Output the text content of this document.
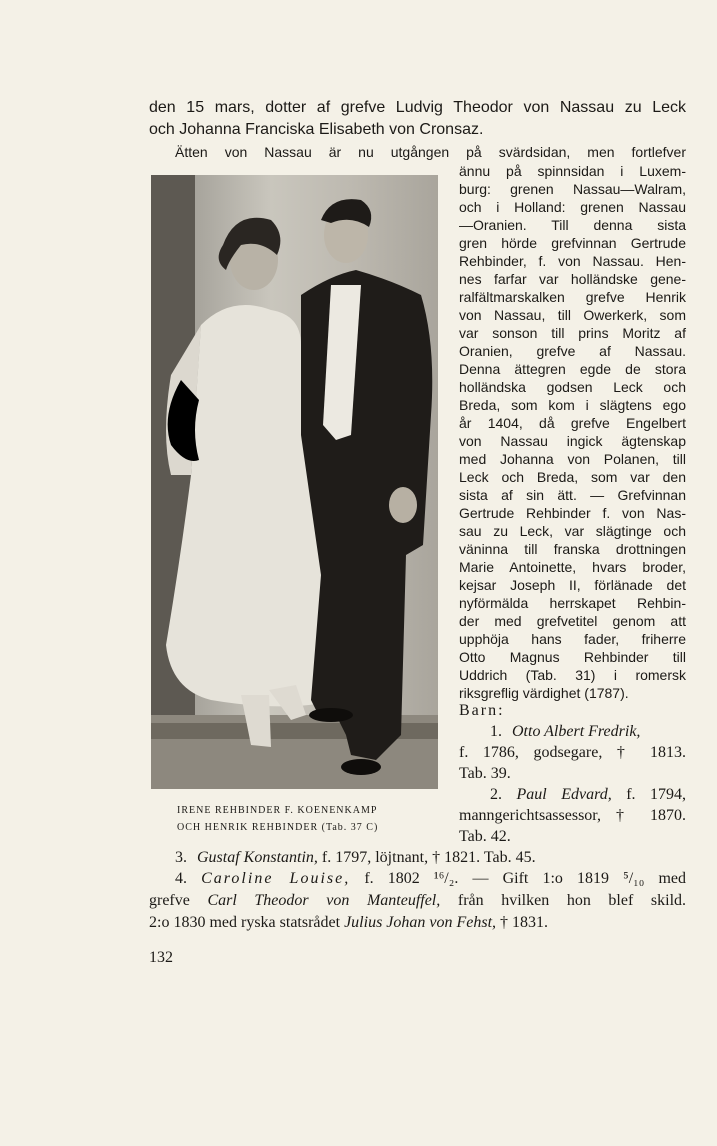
den 15 mars, dotter af grefve Ludvig Theodor von Nassau zu Leck
och Johanna Franciska Elisabeth von Cronsaz.
Ätten von Nassau är nu utgången på svärdsidan, men fortlefver
ännu på spinnsidan i Luxem-
burg: grenen Nassau—Walram,
och i Holland: grenen Nassau
—Oranien. Till denna sista
gren hörde grefvinnan Gertrude
Rehbinder, f. von Nassau. Hen-
nes farfar var holländske gene-
ralfältmarskalken grefve Henrik
von Nassau, till Owerkerk, som
var sonson till prins Moritz af
Oranien, grefve af Nassau.
Denna ättegren egde de stora
holländska godsen Leck och
Breda, som kom i slägtens ego
år 1404, då grefve Engelbert
von Nassau ingick ägtenskap
med Johanna von Polanen, till
Leck och Breda, som var den
sista af sin ätt. — Grefvinnan
Gertrude Rehbinder f. von Nas-
sau zu Leck, var slägtinge och
väninna till franska drottningen
Marie Antoinette, hvars broder,
kejsar Joseph II, förlänade det
nyförmälda herrskapet Rehbin-
der med grefvetitel genom att
upphöja hans fader, friherre
Otto Magnus Rehbinder till
Uddrich (Tab. 31) i romersk
riksgreflig värdighet (1787).
Barn:
1. Otto Albert Fredrik,
f. 1786, godsegare, † 1813.
Tab. 39.
2. Paul Edvard, f. 1794,
manngerichtsassessor, † 1870.
Tab. 42.
IRENE REHBINDER F. KOENENKAMP
OCH HENRIK REHBINDER (Tab. 37 C)
3. Gustaf Konstantin, f. 1797, löjtnant, † 1821. Tab. 45.
4. Caroline Louise, f. 1802 ¹⁶/₂. — Gift 1:o 1819 ⁵/₁₀ med
grefve Carl Theodor von Manteuffel, från hvilken hon blef skild.
2:o 1830 med ryska statsrådet Julius Johan von Fehst, † 1831.
132
